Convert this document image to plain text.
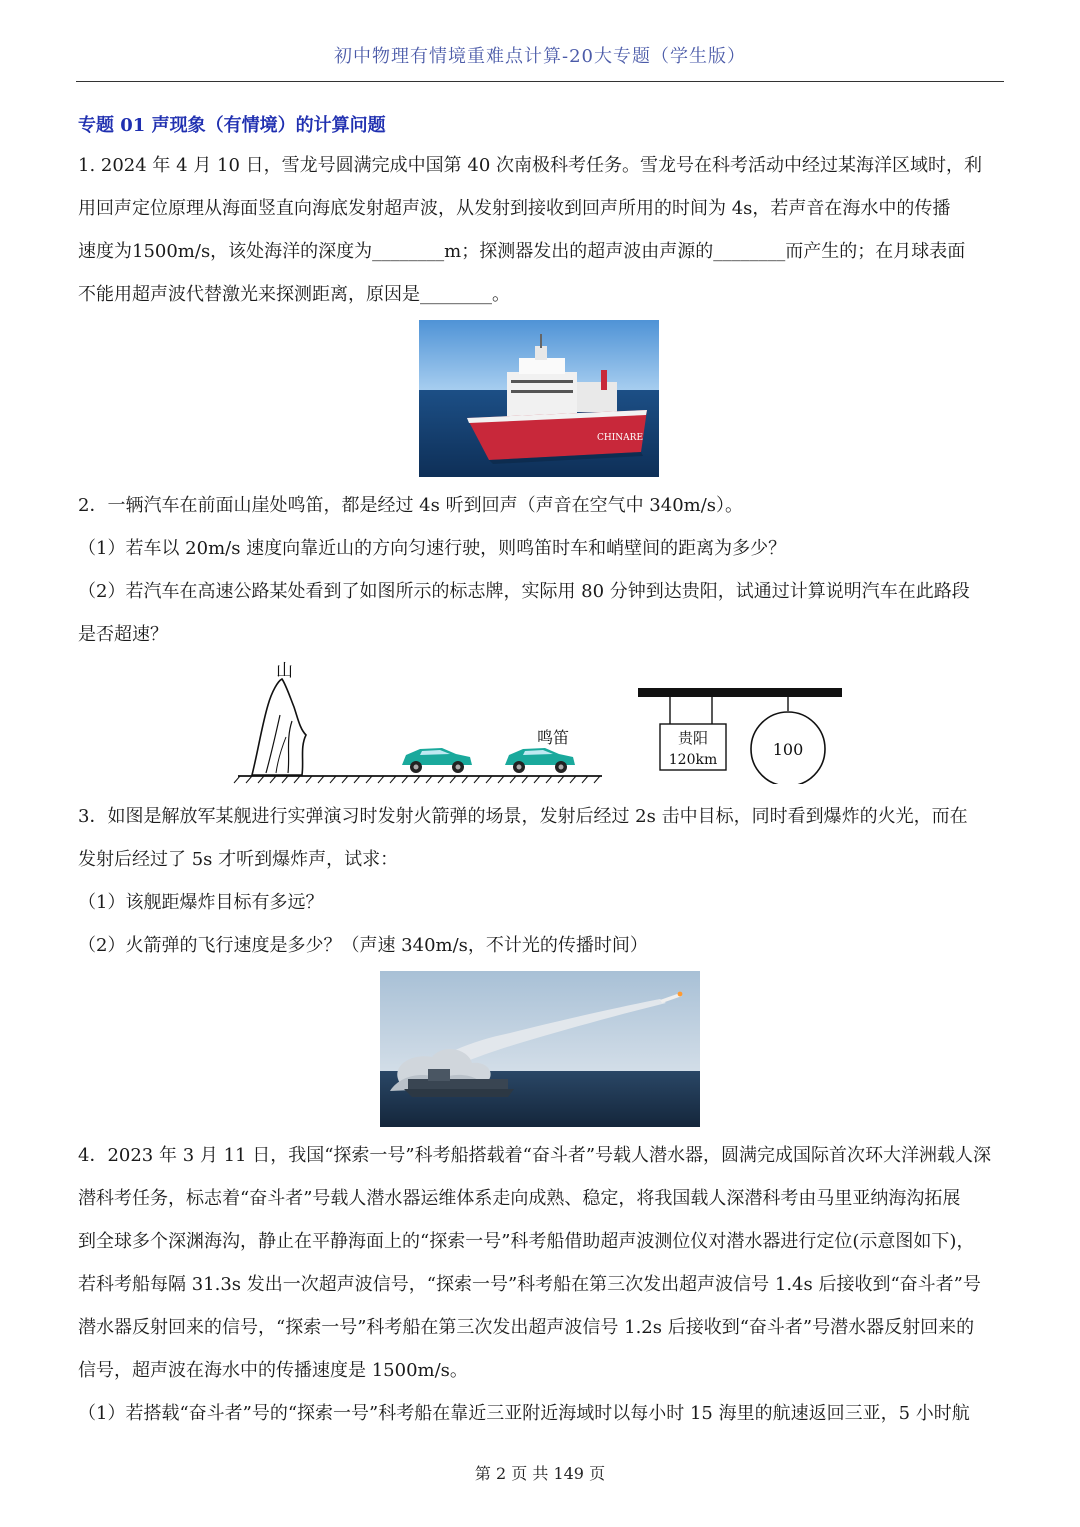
初中物理有情境重难点计算-20大专题（学生版）
专题 01 声现象（有情境）的计算问题
1. 2024 年 4 月 10 日，雪龙号圆满完成中国第 40 次南极科考任务。雪龙号在科考活动中经过某海洋区域时，利
用回声定位原理从海面竖直向海底发射超声波，从发射到接收到回声所用的时间为 4s，若声音在海水中的传播
速度为1500m/s，该处海洋的深度为________m；探测器发出的超声波由声源的________而产生的；在月球表面
不能用超声波代替激光来探测距离，原因是________。
CHINARE
2．一辆汽车在前面山崖处鸣笛，都是经过 4s 听到回声（声音在空气中 340m/s）。
（1）若车以 20m/s 速度向靠近山的方向匀速行驶，则鸣笛时车和峭壁间的距离为多少？
（2）若汽车在高速公路某处看到了如图所示的标志牌，实际用 80 分钟到达贵阳，试通过计算说明汽车在此路段
是否超速？
山
鸣笛	贵阳
120km
100
3．如图是解放军某舰进行实弹演习时发射火箭弹的场景，发射后经过 2s 击中目标，同时看到爆炸的火光，而在
发射后经过了 5s 才听到爆炸声，试求：
（1）该舰距爆炸目标有多远？
（2）火箭弹的飞行速度是多少？（声速 340m/s，不计光的传播时间）
4．2023 年 3 月 11 日，我国“探索一号”科考船搭载着“奋斗者”号载人潜水器，圆满完成国际首次环大洋洲载人深
潜科考任务，标志着“奋斗者”号载人潜水器运维体系走向成熟、稳定，将我国载人深潜科考由马里亚纳海沟拓展
到全球多个深渊海沟，静止在平静海面上的“探索一号”科考船借助超声波测位仪对潜水器进行定位(示意图如下)，
若科考船每隔 31.3s 发出一次超声波信号，“探索一号”科考船在第三次发出超声波信号 1.4s 后接收到“奋斗者”号
潜水器反射回来的信号，“探索一号”科考船在第三次发出超声波信号 1.2s 后接收到“奋斗者”号潜水器反射回来的
信号，超声波在海水中的传播速度是 1500m/s。
（1）若搭载“奋斗者”号的“探索一号”科考船在靠近三亚附近海域时以每小时 15 海里的航速返回三亚，5 小时航
第 2 页 共 149 页
